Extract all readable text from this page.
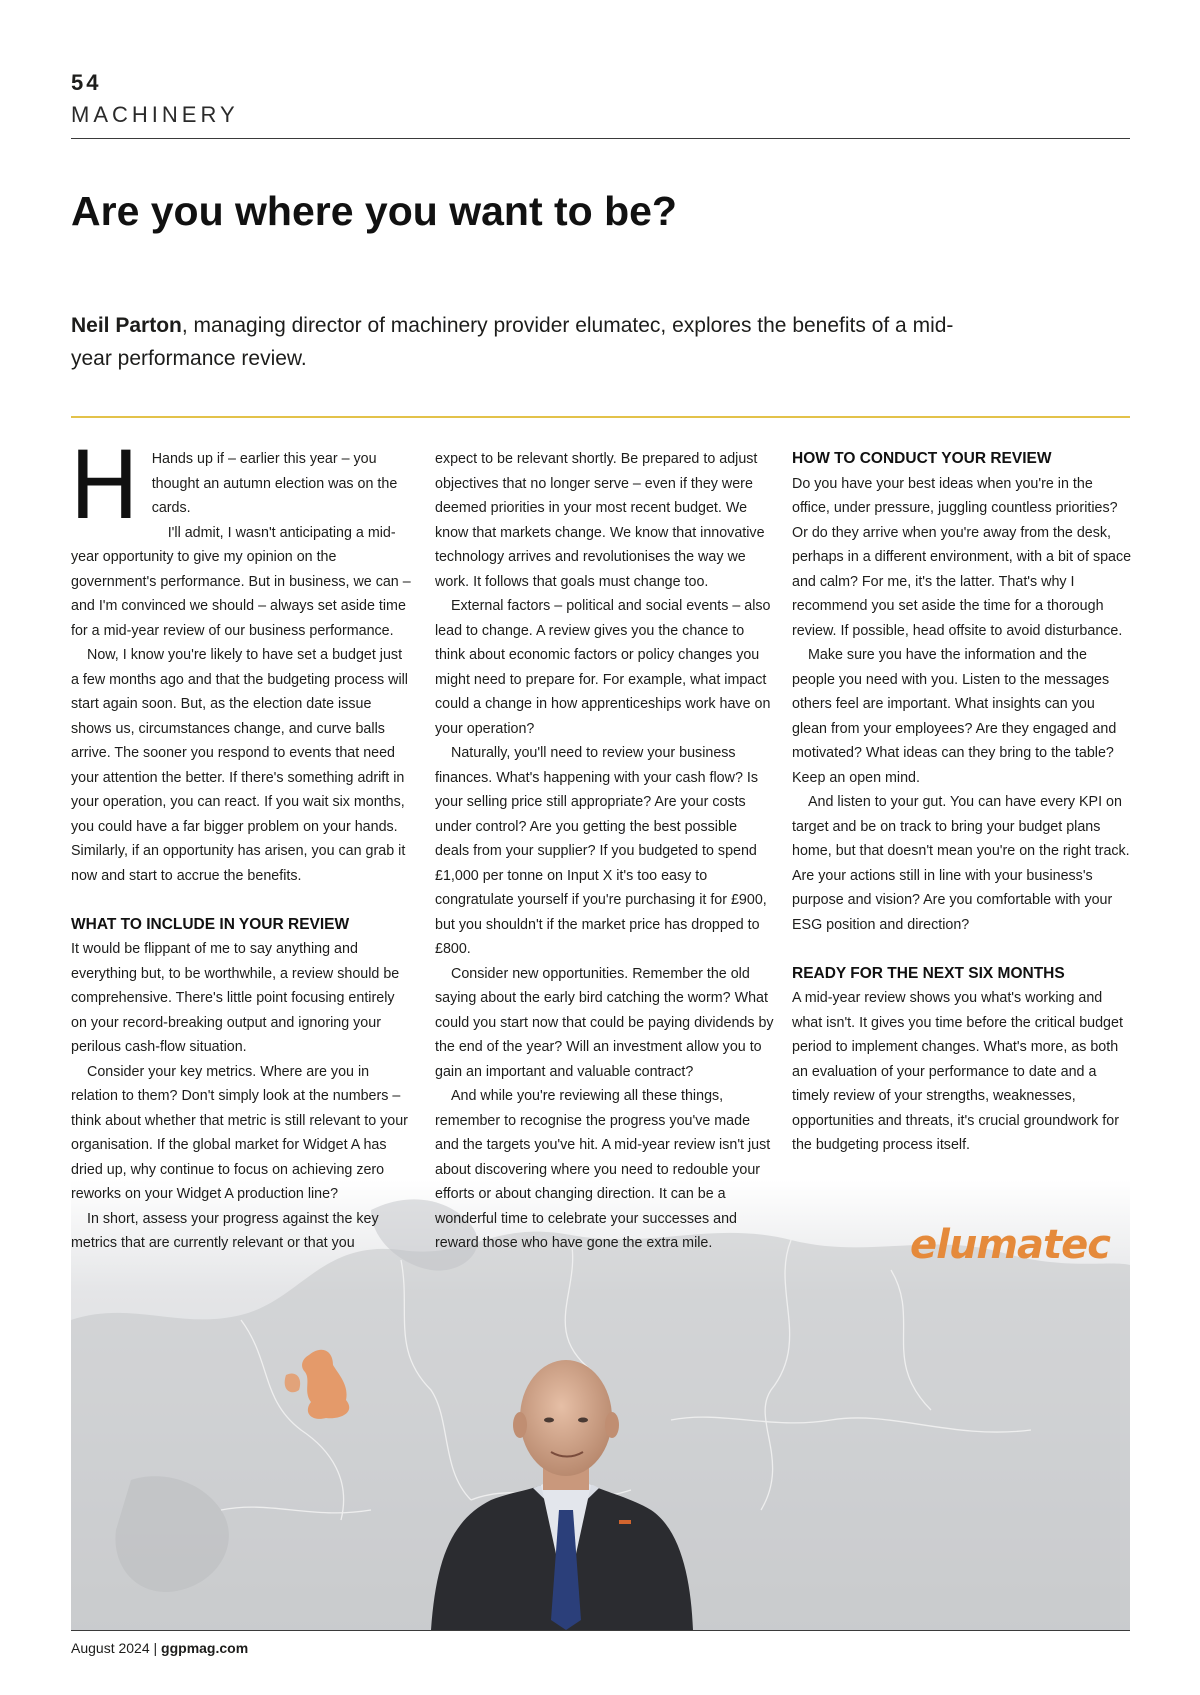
54
MACHINERY
Are you where you want to be?

Neil Parton, managing director of machinery provider elumatec, explores the benefits of a mid-year performance review.

elumatec
H Hands up if – earlier this year – you thought an autumn election was on the cards.

I'll admit, I wasn't anticipating a mid-year opportunity to give my opinion on the government's performance. But in business, we can – and I'm convinced we should – always set aside time for a mid-year review of our business performance.

Now, I know you're likely to have set a budget just a few months ago and that the budgeting process will start again soon. But, as the election date issue shows us, circumstances change, and curve balls arrive. The sooner you respond to events that need your attention the better. If there's something adrift in your operation, you can react. If you wait six months, you could have a far bigger problem on your hands. Similarly, if an opportunity has arisen, you can grab it now and start to accrue the benefits.

WHAT TO INCLUDE IN YOUR REVIEW

It would be flippant of me to say anything and everything but, to be worthwhile, a review should be comprehensive. There's little point focusing entirely on your record-breaking output and ignoring your perilous cash-flow situation.

Consider your key metrics. Where are you in relation to them? Don't simply look at the numbers – think about whether that metric is still relevant to your organisation. If the global market for Widget A has dried up, why continue to focus on achieving zero reworks on your Widget A production line?

In short, assess your progress against the key metrics that are currently relevant or that you

expect to be relevant shortly. Be prepared to adjust objectives that no longer serve – even if they were deemed priorities in your most recent budget. We know that markets change. We know that innovative technology arrives and revolutionises the way we work. It follows that goals must change too.

External factors – political and social events – also lead to change. A review gives you the chance to think about economic factors or policy changes you might need to prepare for. For example, what impact could a change in how apprenticeships work have on your operation?

Naturally, you'll need to review your business finances. What's happening with your cash flow? Is your selling price still appropriate? Are your costs under control? Are you getting the best possible deals from your supplier? If you budgeted to spend £1,000 per tonne on Input X it's too easy to congratulate yourself if you're purchasing it for £900, but you shouldn't if the market price has dropped to £800.

Consider new opportunities. Remember the old saying about the early bird catching the worm? What could you start now that could be paying dividends by the end of the year? Will an investment allow you to gain an important and valuable contract?

And while you're reviewing all these things, remember to recognise the progress you've made and the targets you've hit. A mid-year review isn't just about discovering where you need to redouble your efforts or about changing direction. It can be a wonderful time to celebrate your successes and reward those who have gone the extra mile.

HOW TO CONDUCT YOUR REVIEW

Do you have your best ideas when you're in the office, under pressure, juggling countless priorities? Or do they arrive when you're away from the desk, perhaps in a different environment, with a bit of space and calm? For me, it's the latter. That's why I recommend you set aside the time for a thorough review. If possible, head offsite to avoid disturbance.

Make sure you have the information and the people you need with you. Listen to the messages others feel are important. What insights can you glean from your employees? Are they engaged and motivated? What ideas can they bring to the table? Keep an open mind.

And listen to your gut. You can have every KPI on target and be on track to bring your budget plans home, but that doesn't mean you're on the right track. Are your actions still in line with your business's purpose and vision? Are you comfortable with your ESG position and direction?

READY FOR THE NEXT SIX MONTHS

A mid-year review shows you what's working and what isn't. It gives you time before the critical budget period to implement changes. What's more, as both an evaluation of your performance to date and a timely review of your strengths, weaknesses, opportunities and threats, it's crucial groundwork for the budgeting process itself.

August 2024 | ggpmag.com
